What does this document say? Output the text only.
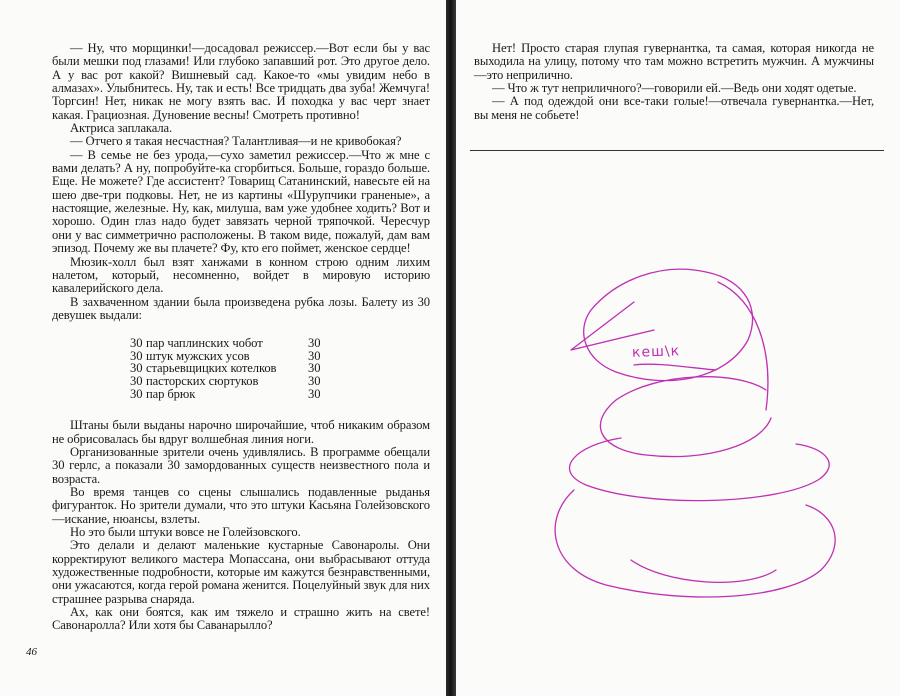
— Ну, что морщинки!—досадовал режиссер.—Вот если бы у вас были мешки под глазами! Или глубоко запавший рот. Это другое дело. А у вас рот какой? Вишневый сад. Какое-то «мы увидим небо в алмазах». Улыбнитесь. Ну, так и есть! Все тридцать два зуба! Жемчуга! Торгсин! Нет, никак не могу взять вас. И походка у вас черт знает какая. Грациозная. Дуновение весны! Смотреть противно!

Актриса заплакала.

— Отчего я такая несчастная? Талантливая—и не кривобокая?

— В семье не без урода,—сухо заметил режиссер.—Что ж мне с вами делать? А ну, попробуйте-ка сгорбиться. Больше, гораздо больше. Еще. Не можете? Где ассистент? Товарищ Сатанинский, навесьте ей на шею две-три подковы. Нет, не из картины «Шурупчики граненые», а настоящие, железные. Ну, как, милуша, вам уже удобнее ходить? Вот и хорошо. Один глаз надо будет завязать черной тряпочкой. Чересчур они у вас симметрично расположены. В таком виде, пожалуй, дам вам эпизод. Почему же вы плачете? Фу, кто его поймет, женское сердце!

Мюзик-холл был взят ханжами в конном строю одним лихим налетом, который, несомненно, войдет в мировую историю кавалерийского дела.

В захваченном здании была произведена рубка лозы. Балету из 30 девушек выдали:

30 пар чаплинских чобот	30
30 штук мужских усов	30
30 старьевщицких котелков	30
30 пасторских сюртуков	30
30 пар брюк	30

Штаны были выданы нарочно широчайшие, чтоб никаким образом не обрисовалась бы вдруг волшебная линия ноги.

Организованные зрители очень удивлялись. В программе обещали 30 герлс, а показали 30 замордованных существ неизвестного пола и возраста.

Во время танцев со сцены слышались подавленные рыданья фигуранток. Но зрители думали, что это штуки Касьяна Голейзовского—искание, нюансы, взлеты.

Но это были штуки вовсе не Голейзовского.

Это делали и делают маленькие кустарные Савонаролы. Они корректируют великого мастера Мопассана, они выбрасывают оттуда художественные подробности, которые им кажутся безнравственными, они ужасаются, когда герой романа женится. Поцелуйный звук для них страшнее разрыва снаряда.

Ах, как они боятся, как им тяжело и страшно жить на свете! Савонаролла? Или хотя бы Саванарылло?

46

Нет! Просто старая глупая гувернантка, та самая, которая никогда не выходила на улицу, потому что там можно встретить мужчин. А мужчины—это неприлично.

— Что ж тут неприличного?—говорили ей.—Ведь они ходят одетые.

— А под одеждой они все-таки голые!—отвечала гувернантка.—Нет, вы меня не собьете!

кеш\к
